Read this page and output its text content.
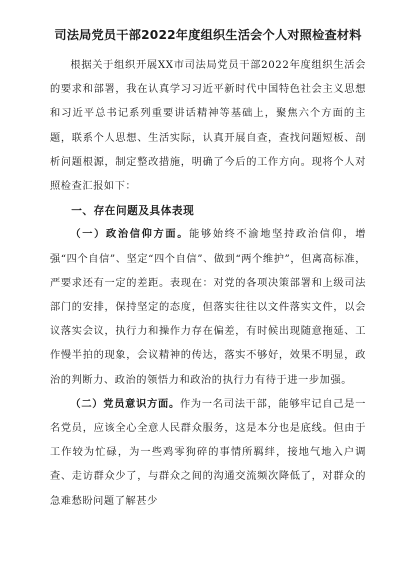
司法局党员干部2022年度组织生活会个人对照检查材料

根据关于组织开展XX市司法局党员干部2022年度组织生活会的要求和部署，我在认真学习习近平新时代中国特色社会主义思想和习近平总书记系列重要讲话精神等基础上，聚焦六个方面的主题，联系个人思想、生活实际，认真开展自查，查找问题短板、剖析问题根源，制定整改措施，明确了今后的工作方向。现将个人对照检查汇报如下：

一、存在问题及具体表现

（一）政治信仰方面。能够始终不渝地坚持政治信仰，增强“四个自信”、坚定“四个自信”、做到“两个维护”，但离高标准，严要求还有一定的差距。表现在：对党的各项决策部署和上级司法部门的安排，保持坚定的态度，但落实往往以文件落实文件，以会议落实会议，执行力和操作力存在偏差，有时候出现随意拖延、工作慢半拍的现象，会议精神的传达，落实不够好，效果不明显，政治的判断力、政治的领悟力和政治的执行力有待于进一步加强。

（二）党员意识方面。作为一名司法干部，能够牢记自己是一名党员，应该全心全意人民群众服务，这是本分也是底线。但由于工作较为忙碌，为一些鸡零狗碎的事情所羁绊，接地气地入户调查、走访群众少了，与群众之间的沟通交流频次降低了，对群众的急难愁盼问题了解甚少
